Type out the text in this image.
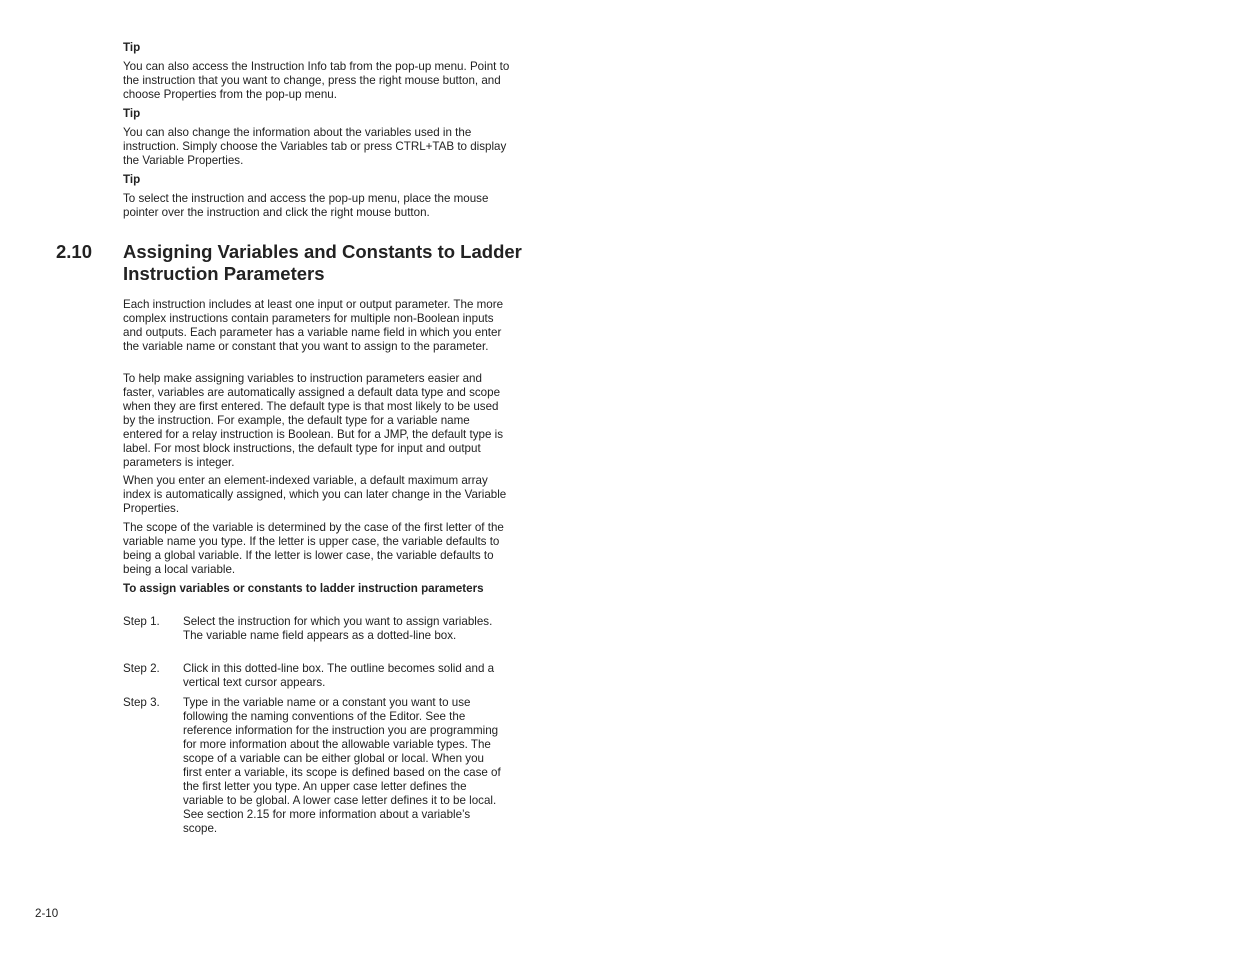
Tip

You can also access the Instruction Info tab from the pop-up menu. Point to the instruction that you want to change, press the right mouse button, and choose Properties from the pop-up menu.

Tip

You can also change the information about the variables used in the instruction. Simply choose the Variables tab or press CTRL+TAB to display the Variable Properties.

Tip

To select the instruction and access the pop-up menu, place the mouse pointer over the instruction and click the right mouse button.

2.10 Assigning Variables and Constants to Ladder Instruction Parameters

Each instruction includes at least one input or output parameter. The more complex instructions contain parameters for multiple non-Boolean inputs and outputs. Each parameter has a variable name field in which you enter the variable name or constant that you want to assign to the parameter.

To help make assigning variables to instruction parameters easier and faster, variables are automatically assigned a default data type and scope when they are first entered. The default type is that most likely to be used by the instruction. For example, the default type for a variable name entered for a relay instruction is Boolean. But for a JMP, the default type is label. For most block instructions, the default type for input and output parameters is integer.

When you enter an element-indexed variable, a default maximum array index is automatically assigned, which you can later change in the Variable Properties.

The scope of the variable is determined by the case of the first letter of the variable name you type. If the letter is upper case, the variable defaults to being a global variable. If the letter is lower case, the variable defaults to being a local variable.

To assign variables or constants to ladder instruction parameters

Step 1. Select the instruction for which you want to assign variables. The variable name field appears as a dotted-line box.
Step 2. Click in this dotted-line box. The outline becomes solid and a vertical text cursor appears.
Step 3. Type in the variable name or a constant you want to use following the naming conventions of the Editor. See the reference information for the instruction you are programming for more information about the allowable variable types. The scope of a variable can be either global or local. When you first enter a variable, its scope is defined based on the case of the first letter you type. An upper case letter defines the variable to be global. A lower case letter defines it to be local. See section 2.15 for more information about a variable’s scope.
2-10
